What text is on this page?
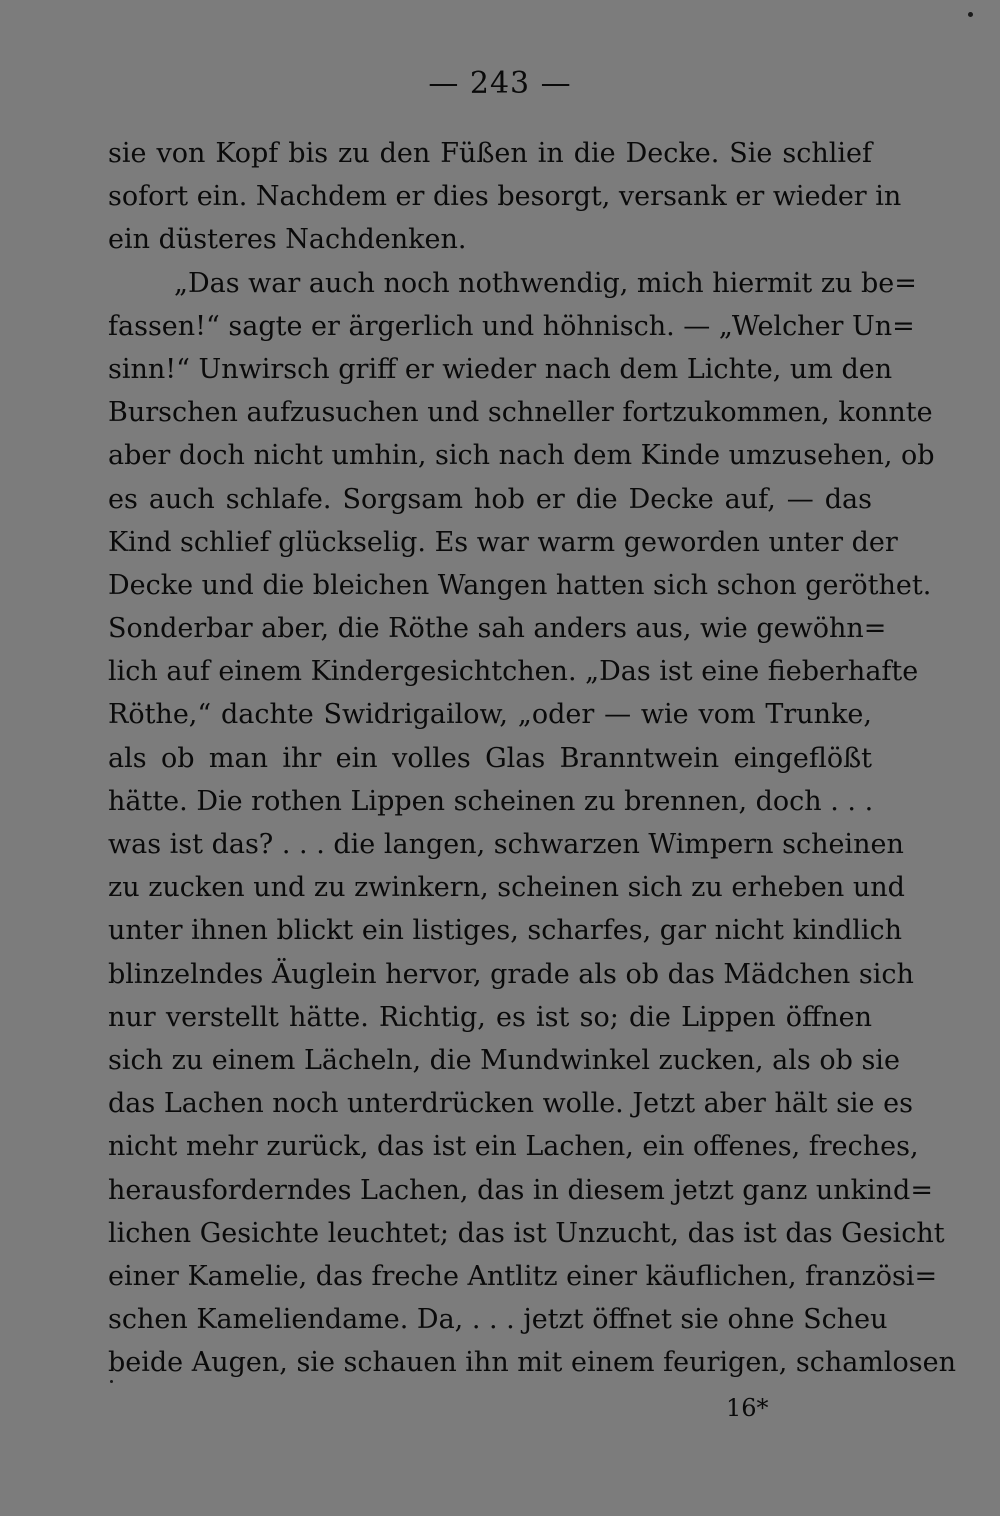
— 243 —
sie von Kopf bis zu den Füßen in die Decke. Sie schlief
sofort ein. Nachdem er dies besorgt, versank er wieder in
ein düsteres Nachdenken.
„Das war auch noch nothwendig, mich hiermit zu be=
fassen!“ sagte er ärgerlich und höhnisch. — „Welcher Un=
sinn!“ Unwirsch griff er wieder nach dem Lichte, um den
Burschen aufzusuchen und schneller fortzukommen, konnte
aber doch nicht umhin, sich nach dem Kinde umzusehen, ob
es auch schlafe. Sorgsam hob er die Decke auf, — das
Kind schlief glückselig. Es war warm geworden unter der
Decke und die bleichen Wangen hatten sich schon geröthet.
Sonderbar aber, die Röthe sah anders aus, wie gewöhn=
lich auf einem Kindergesichtchen. „Das ist eine fieberhafte
Röthe,“ dachte Swidrigailow, „oder — wie vom Trunke,
als ob man ihr ein volles Glas Branntwein eingeflößt
hätte. Die rothen Lippen scheinen zu brennen, doch . . .
was ist das? . . . die langen, schwarzen Wimpern scheinen
zu zucken und zu zwinkern, scheinen sich zu erheben und
unter ihnen blickt ein listiges, scharfes, gar nicht kindlich
blinzelndes Äuglein hervor, grade als ob das Mädchen sich
nur verstellt hätte. Richtig, es ist so; die Lippen öffnen
sich zu einem Lächeln, die Mundwinkel zucken, als ob sie
das Lachen noch unterdrücken wolle. Jetzt aber hält sie es
nicht mehr zurück, das ist ein Lachen, ein offenes, freches,
herausforderndes Lachen, das in diesem jetzt ganz unkind=
lichen Gesichte leuchtet; das ist Unzucht, das ist das Gesicht
einer Kamelie, das freche Antlitz einer käuflichen, französi=
schen Kameliendame. Da, . . . jetzt öffnet sie ohne Scheu
beide Augen, sie schauen ihn mit einem feurigen, schamlosen
16*
